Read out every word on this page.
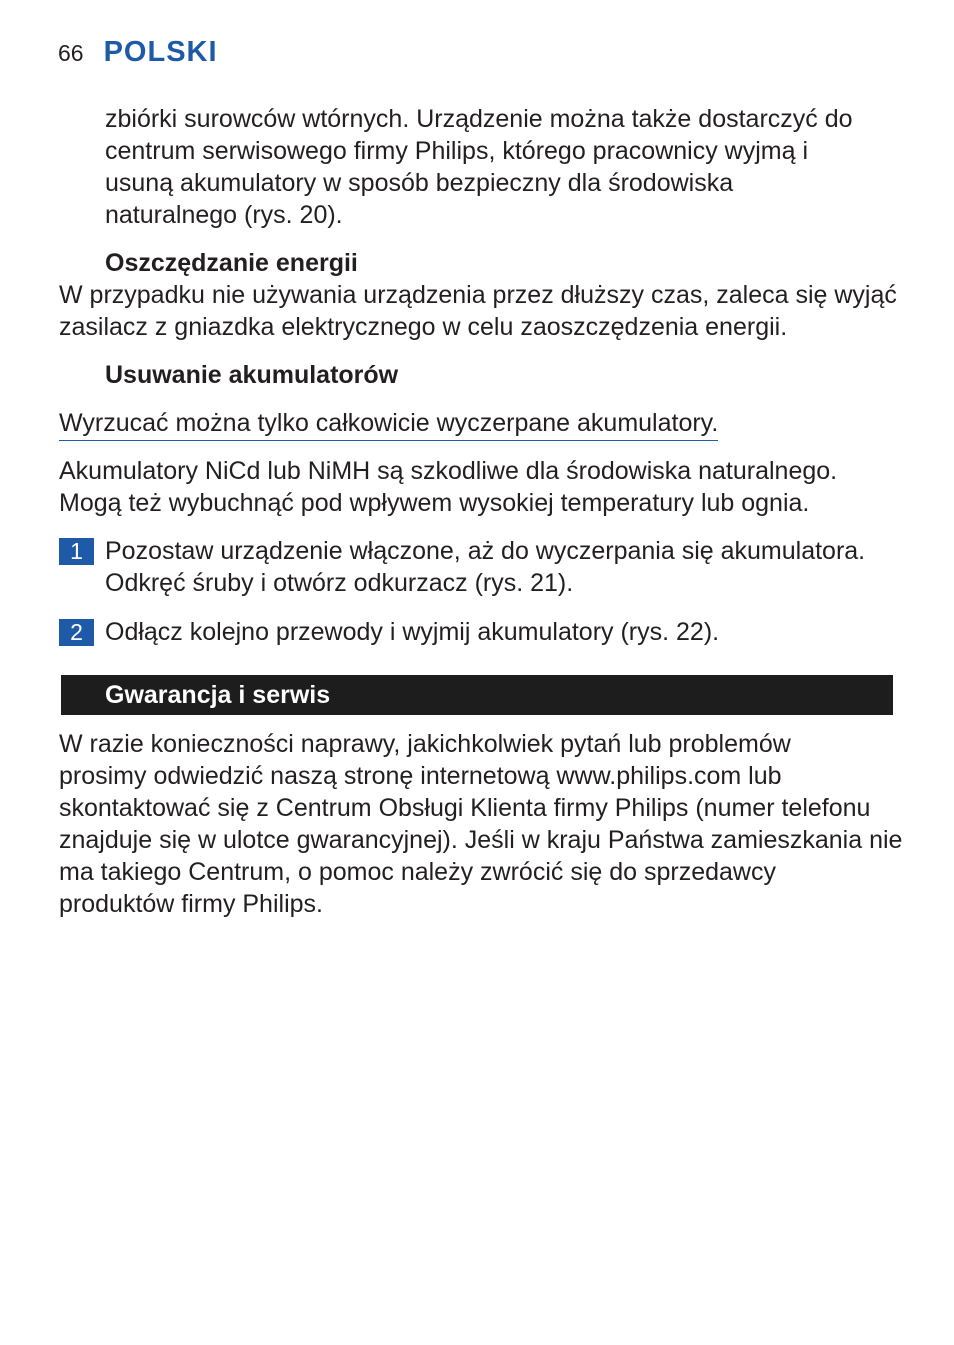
66 POLSKI
zbiórki surowców wtórnych. Urządzenie można także dostarczyć do
centrum serwisowego firmy Philips, którego pracownicy wyjmą i
usuną akumulatory w sposób bezpieczny dla środowiska
naturalnego (rys. 20).
Oszczędzanie energii
W przypadku nie używania urządzenia przez dłuższy czas, zaleca się wyjąć
zasilacz z gniazdka elektrycznego w celu zaoszczędzenia energii.
Usuwanie akumulatorów
Wyrzucać można tylko całkowicie wyczerpane akumulatory.
Akumulatory NiCd lub NiMH są szkodliwe dla środowiska naturalnego.
Mogą też wybuchnąć pod wpływem wysokiej temperatury lub ognia.
1 Pozostaw urządzenie włączone, aż do wyczerpania się akumulatora.
Odkręć śruby i otwórz odkurzacz (rys. 21).
2 Odłącz kolejno przewody i wyjmij akumulatory (rys. 22).
Gwarancja i serwis
W razie konieczności naprawy, jakichkolwiek pytań lub problemów
prosimy odwiedzić naszą stronę internetową www.philips.com lub
skontaktować się z Centrum Obsługi Klienta firmy Philips (numer telefonu
znajduje się w ulotce gwarancyjnej). Jeśli w kraju Państwa zamieszkania nie
ma takiego Centrum, o pomoc należy zwrócić się do sprzedawcy
produktów firmy Philips.
